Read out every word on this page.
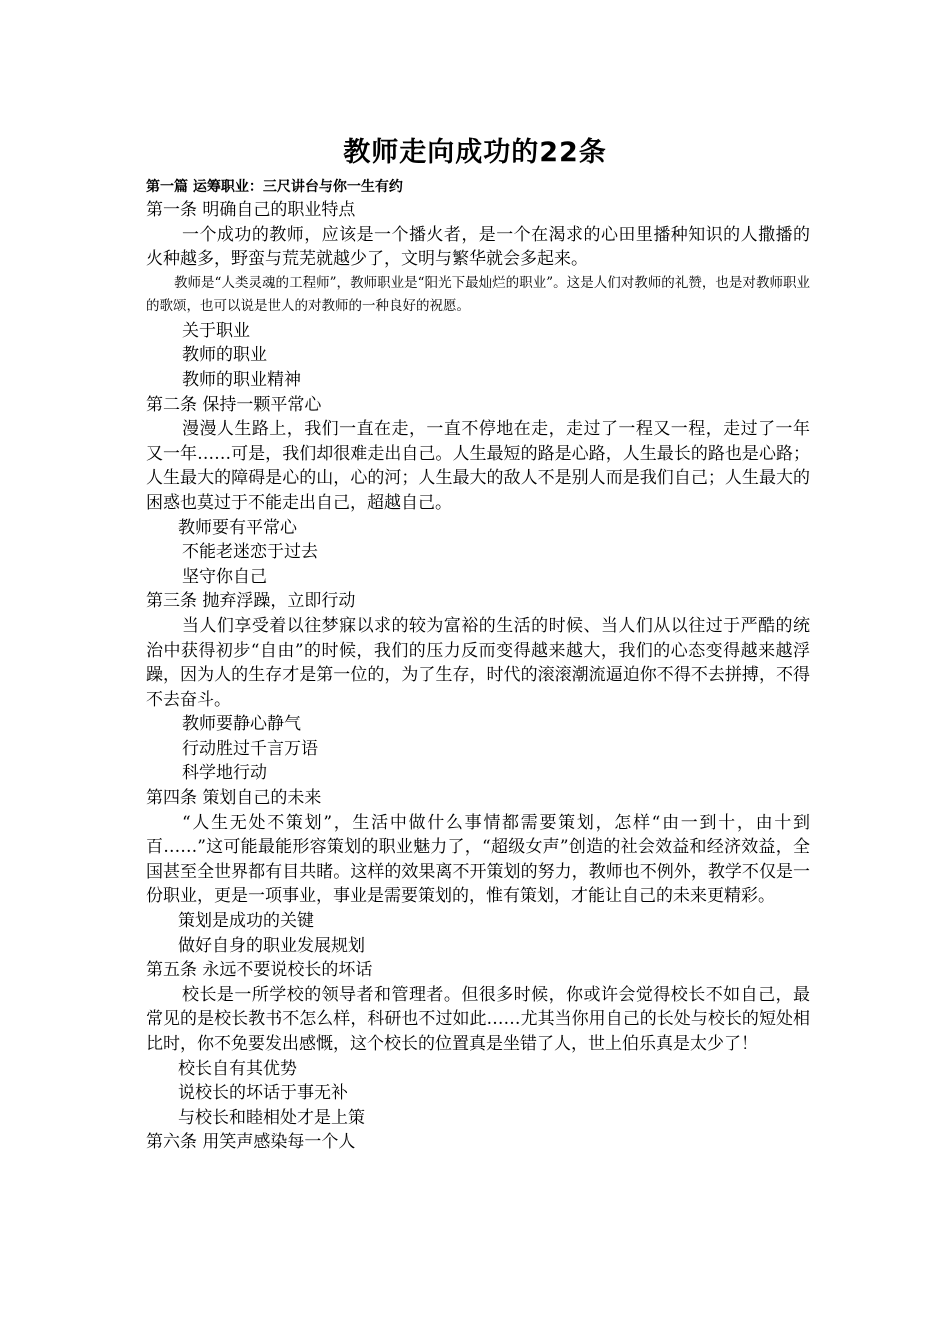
教师走向成功的22条
第一篇 运筹职业：三尺讲台与你一生有约

第一条 明确自己的职业特点

一个成功的教师，应该是一个播火者，是一个在渴求的心田里播种知识的人撒播的火种越多，野蛮与荒芜就越少了，文明与繁华就会多起来。

教师是“人类灵魂的工程师”，教师职业是“阳光下最灿烂的职业”。这是人们对教师的礼赞，也是对教师职业的歌颂，也可以说是世人的对教师的一种良好的祝愿。

关于职业

教师的职业

教师的职业精神

第二条 保持一颗平常心

漫漫人生路上，我们一直在走，一直不停地在走，走过了一程又一程，走过了一年又一年……可是，我们却很难走出自己。人生最短的路是心路，人生最长的路也是心路；人生最大的障碍是心的山，心的河；人生最大的敌人不是别人而是我们自己；人生最大的困惑也莫过于不能走出自己，超越自己。

教师要有平常心

不能老迷恋于过去

坚守你自己

第三条 抛弃浮躁，立即行动

当人们享受着以往梦寐以求的较为富裕的生活的时候、当人们从以往过于严酷的统治中获得初步“自由”的时候，我们的压力反而变得越来越大，我们的心态变得越来越浮躁，因为人的生存才是第一位的，为了生存，时代的滚滚潮流逼迫你不得不去拼搏，不得不去奋斗。

教师要静心静气

行动胜过千言万语

科学地行动

第四条 策划自己的未来

“人生无处不策划”，生活中做什么事情都需要策划，怎样“由一到十，由十到百……”这可能最能形容策划的职业魅力了，“超级女声”创造的社会效益和经济效益，全国甚至全世界都有目共睹。这样的效果离不开策划的努力，教师也不例外，教学不仅是一份职业，更是一项事业，事业是需要策划的，惟有策划，才能让自己的未来更精彩。

策划是成功的关键

做好自身的职业发展规划

第五条 永远不要说校长的坏话

校长是一所学校的领导者和管理者。但很多时候，你或许会觉得校长不如自己，最常见的是校长教书不怎么样，科研也不过如此……尤其当你用自己的长处与校长的短处相比时，你不免要发出感慨，这个校长的位置真是坐错了人，世上伯乐真是太少了！

校长自有其优势

说校长的坏话于事无补

与校长和睦相处才是上策

第六条 用笑声感染每一个人
